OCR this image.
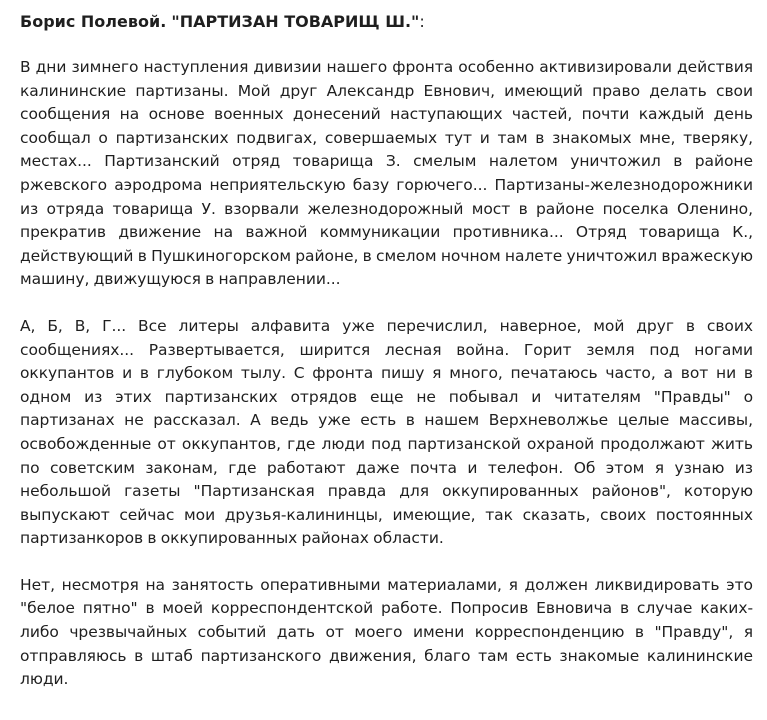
Борис Полевой. "ПАРТИЗАН ТОВАРИЩ Ш.":

В дни зимнего наступления дивизии нашего фронта особенно активизировали действия калининские партизаны. Мой друг Александр Евнович, имеющий право делать свои сообщения на основе военных донесений наступающих частей, почти каждый день сообщал о партизанских подвигах, совершаемых тут и там в знакомых мне, тверяку, местах... Партизанский отряд товарища З. смелым налетом уничтожил в районе ржевского аэродрома неприятельскую базу горючего... Партизаны-железнодорожники из отряда товарища У. взорвали железнодорожный мост в районе поселка Оленино, прекратив движение на важной коммуникации противника... Отряд товарища К., действующий в Пушкиногорском районе, в смелом ночном налете уничтожил вражескую машину, движущуюся в направлении...

А, Б, В, Г... Все литеры алфавита уже перечислил, наверное, мой друг в своих сообщениях... Развертывается, ширится лесная война. Горит земля под ногами оккупантов и в глубоком тылу. С фронта пишу я много, печатаюсь часто, а вот ни в одном из этих партизанских отрядов еще не побывал и читателям "Правды" о партизанах не рассказал. А ведь уже есть в нашем Верхневолжье целые массивы, освобожденные от оккупантов, где люди под партизанской охраной продолжают жить по советским законам, где работают даже почта и телефон. Об этом я узнаю из небольшой газеты "Партизанская правда для оккупированных районов", которую выпускают сейчас мои друзья-калининцы, имеющие, так сказать, своих постоянных партизанкоров в оккупированных районах области.

Нет, несмотря на занятость оперативными материалами, я должен ликвидировать это "белое пятно" в моей корреспондентской работе. Попросив Евновича в случае каких-либо чрезвычайных событий дать от моего имени корреспонденцию в "Правду", я отправляюсь в штаб партизанского движения, благо там есть знакомые калининские люди.
